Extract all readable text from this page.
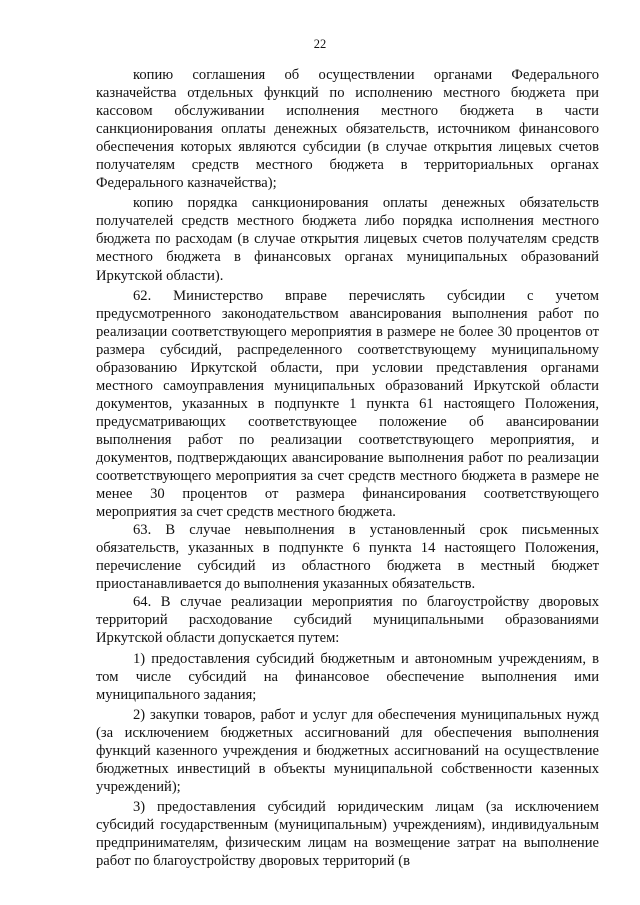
22

копию соглашения об осуществлении органами Федерального казначейства отдельных функций по исполнению местного бюджета при кассовом обслуживании исполнения местного бюджета в части санкционирования оплаты денежных обязательств, источником финансового обеспечения которых являются субсидии (в случае открытия лицевых счетов получателям средств местного бюджета в территориальных органах Федерального казначейства);

копию порядка санкционирования оплаты денежных обязательств получателей средств местного бюджета либо порядка исполнения местного бюджета по расходам (в случае открытия лицевых счетов получателям средств местного бюджета в финансовых органах муниципальных образований Иркутской области).

62. Министерство вправе перечислять субсидии с учетом предусмотренного законодательством авансирования выполнения работ по реализации соответствующего мероприятия в размере не более 30 процентов от размера субсидий, распределенного соответствующему муниципальному образованию Иркутской области, при условии представления органами местного самоуправления муниципальных образований Иркутской области документов, указанных в подпункте 1 пункта 61 настоящего Положения, предусматривающих соответствующее положение об авансировании выполнения работ по реализации соответствующего мероприятия, и документов, подтверждающих авансирование выполнения работ по реализации соответствующего мероприятия за счет средств местного бюджета в размере не менее 30 процентов от размера финансирования соответствующего мероприятия за счет средств местного бюджета.

63. В случае невыполнения в установленный срок письменных обязательств, указанных в подпункте 6 пункта 14 настоящего Положения, перечисление субсидий из областного бюджета в местный бюджет приостанавливается до выполнения указанных обязательств.

64. В случае реализации мероприятия по благоустройству дворовых территорий расходование субсидий муниципальными образованиями Иркутской области допускается путем:

1) предоставления субсидий бюджетным и автономным учреждениям, в том числе субсидий на финансовое обеспечение выполнения ими муниципального задания;

2) закупки товаров, работ и услуг для обеспечения муниципальных нужд (за исключением бюджетных ассигнований для обеспечения выполнения функций казенного учреждения и бюджетных ассигнований на осуществление бюджетных инвестиций в объекты муниципальной собственности казенных учреждений);

3) предоставления субсидий юридическим лицам (за исключением субсидий государственным (муниципальным) учреждениям), индивидуальным предпринимателям, физическим лицам на возмещение затрат на выполнение работ по благоустройству дворовых территорий (в
